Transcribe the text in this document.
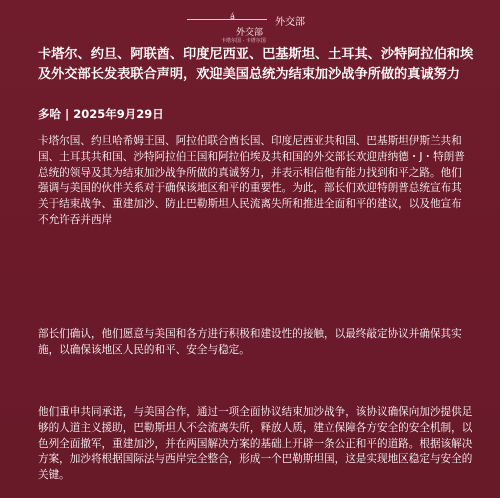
á
外交部
外交部
卡塔尔国 · 卡塔尔国
卡塔尔、约旦、阿联酋、印度尼西亚、巴基斯坦、土耳其、沙特阿拉伯和埃及外交部长发表联合声明，欢迎美国总统为结束加沙战争所做的真诚努力
多哈 | 2025年9月29日

卡塔尔国、约旦哈希姆王国、阿拉伯联合酋长国、印度尼西亚共和国、巴基斯坦伊斯兰共和国、土耳其共和国、沙特阿拉伯王国和阿拉伯埃及共和国的外交部长欢迎唐纳德・J・特朗普总统的领导及其为结束加沙战争所做的真诚努力，并表示相信他有能力找到和平之路。他们强调与美国的伙伴关系对于确保该地区和平的重要性。为此，部长们欢迎特朗普总统宣布其关于结束战争、重建加沙、防止巴勒斯坦人民流离失所和推进全面和平的建议，以及他宣布不允许吞并西岸

部长们确认，他们愿意与美国和各方进行积极和建设性的接触，以最终敲定协议并确保其实施，以确保该地区人民的和平、安全与稳定。

他们重申共同承诺，与美国合作，通过一项全面协议结束加沙战争，该协议确保向加沙提供足够的人道主义援助，巴勒斯坦人不会流离失所，释放人质，建立保障各方安全的安全机制，以色列全面撤军，重建加沙，并在两国解决方案的基础上开辟一条公正和平的道路。根据该解决方案，加沙将根据国际法与西岸完全整合，形成一个巴勒斯坦国，这是实现地区稳定与安全的关键。
